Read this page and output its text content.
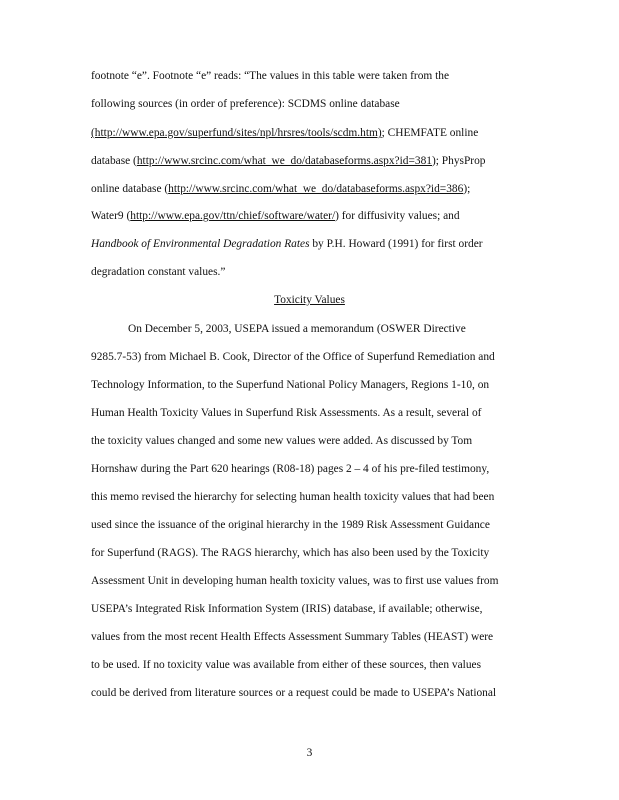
footnote “e”. Footnote “e” reads: “The values in this table were taken from the
following sources (in order of preference): SCDMS online database
(http://www.epa.gov/superfund/sites/npl/hrsres/tools/scdm.htm); CHEMFATE online
database (http://www.srcinc.com/what_we_do/databaseforms.aspx?id=381); PhysProp
online database (http://www.srcinc.com/what_we_do/databaseforms.aspx?id=386);
Water9 (http://www.epa.gov/ttn/chief/software/water/) for diffusivity values; and
Handbook of Environmental Degradation Rates by P.H. Howard (1991) for first order
degradation constant values.”
Toxicity Values
On December 5, 2003, USEPA issued a memorandum (OSWER Directive
9285.7-53) from Michael B. Cook, Director of the Office of Superfund Remediation and
Technology Information, to the Superfund National Policy Managers, Regions 1-10, on
Human Health Toxicity Values in Superfund Risk Assessments. As a result, several of
the toxicity values changed and some new values were added. As discussed by Tom
Hornshaw during the Part 620 hearings (R08-18) pages 2 – 4 of his pre-filed testimony,
this memo revised the hierarchy for selecting human health toxicity values that had been
used since the issuance of the original hierarchy in the 1989 Risk Assessment Guidance
for Superfund (RAGS). The RAGS hierarchy, which has also been used by the Toxicity
Assessment Unit in developing human health toxicity values, was to first use values from
USEPA’s Integrated Risk Information System (IRIS) database, if available; otherwise,
values from the most recent Health Effects Assessment Summary Tables (HEAST) were
to be used. If no toxicity value was available from either of these sources, then values
could be derived from literature sources or a request could be made to USEPA’s National
3
